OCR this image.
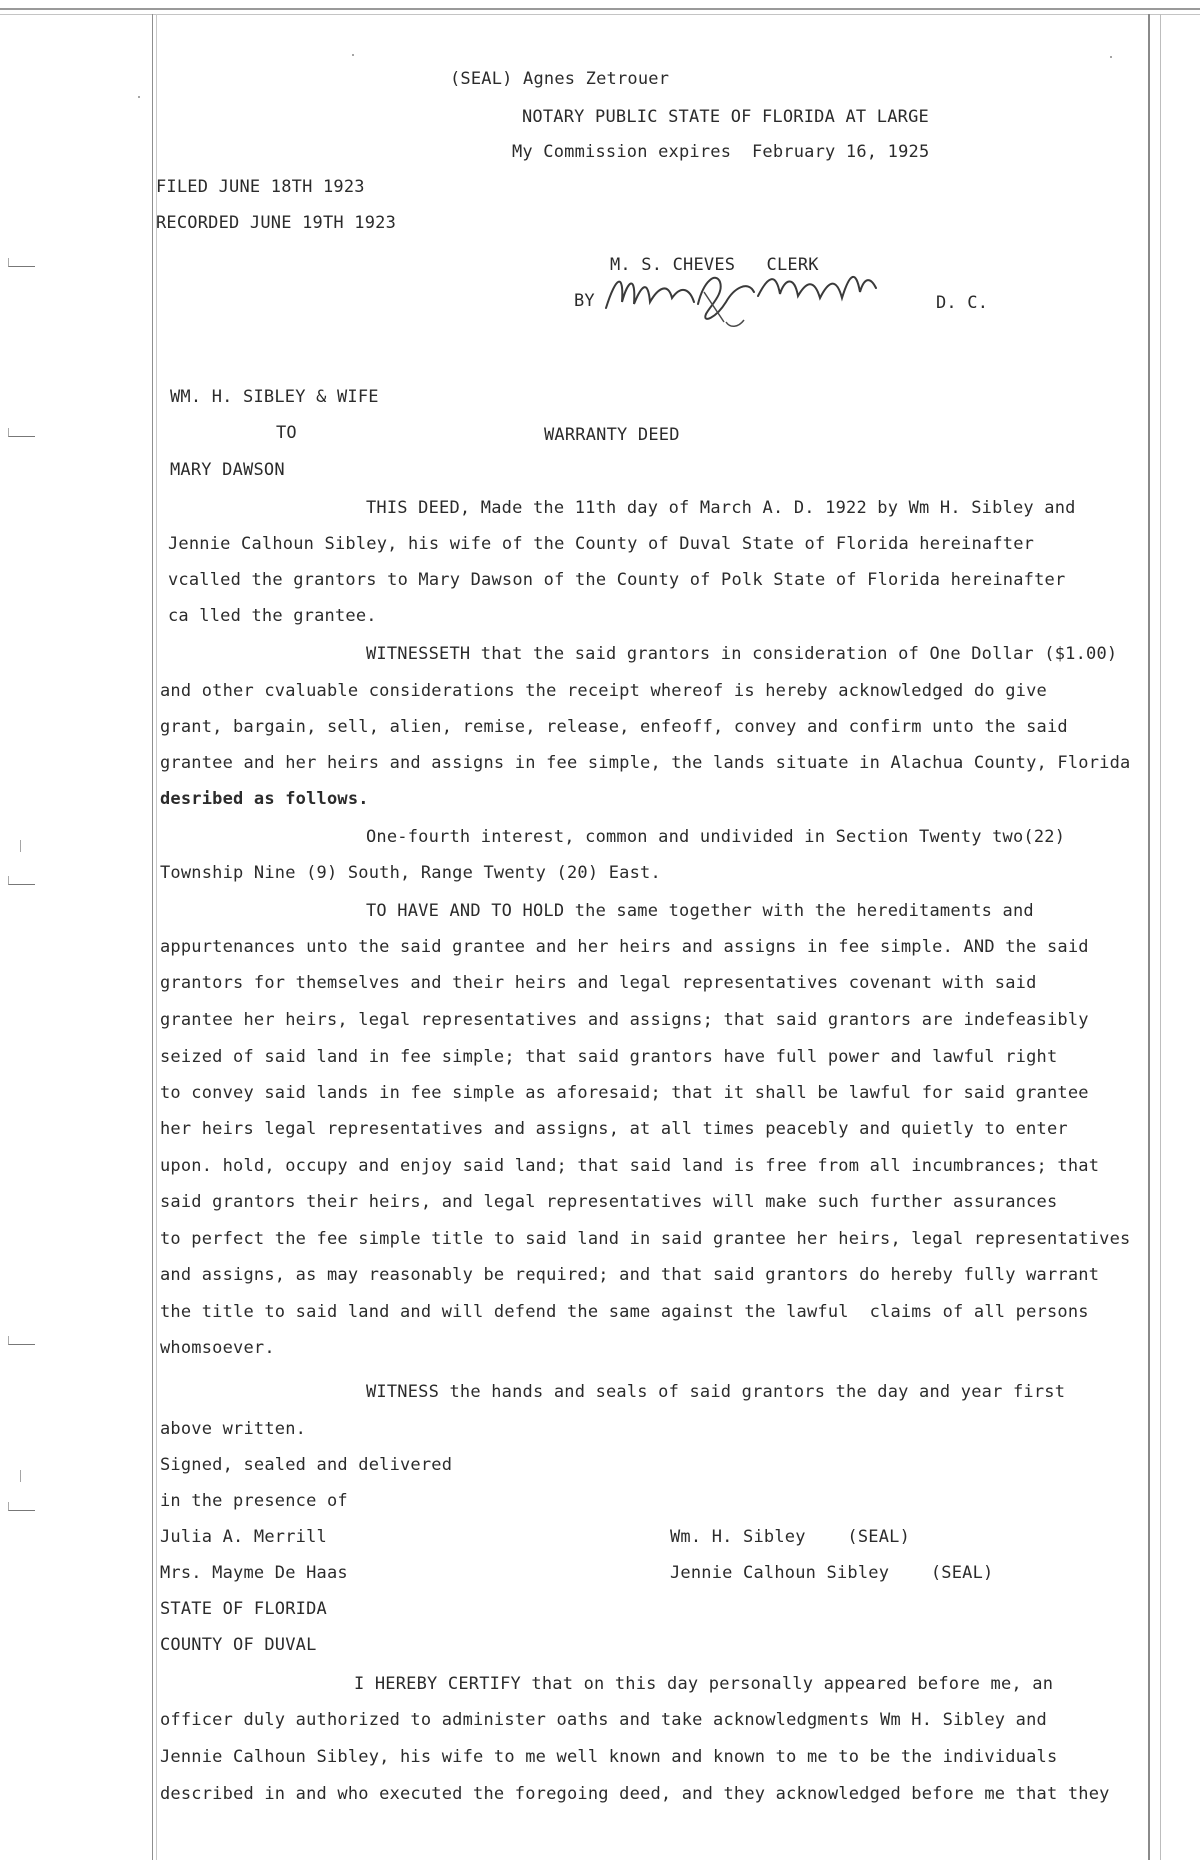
(SEAL) Agnes Zetrouer
NOTARY PUBLIC STATE OF FLORIDA AT LARGE
My Commission expires  February 16, 1925
FILED JUNE 18TH 1923
RECORDED JUNE 19TH 1923
M. S. CHEVES   CLERK
BY	D. C.
WM. H. SIBLEY & WIFE
TO	WARRANTY DEED
MARY DAWSON
THIS DEED, Made the 11th day of March A. D. 1922 by Wm H. Sibley and
Jennie Calhoun Sibley, his wife of the County of Duval State of Florida hereinafter
vcalled the grantors to Mary Dawson of the County of Polk State of Florida hereinafter
ca lled the grantee.
WITNESSETH that the said grantors in consideration of One Dollar ($1.00)
and other cvaluable considerations the receipt whereof is hereby acknowledged do give
grant, bargain, sell, alien, remise, release, enfeoff, convey and confirm unto the said
grantee and her heirs and assigns in fee simple, the lands situate in Alachua County, Florida
desribed as follows.
One-fourth interest, common and undivided in Section Twenty two(22)
Township Nine (9) South, Range Twenty (20) East.
TO HAVE AND TO HOLD the same together with the hereditaments and
appurtenances unto the said grantee and her heirs and assigns in fee simple. AND the said
grantors for themselves and their heirs and legal representatives covenant with said
grantee her heirs, legal representatives and assigns; that said grantors are indefeasibly
seized of said land in fee simple; that said grantors have full power and lawful right
to convey said lands in fee simple as aforesaid; that it shall be lawful for said grantee
her heirs legal representatives and assigns, at all times peacebly and quietly to enter
upon. hold, occupy and enjoy said land; that said land is free from all incumbrances; that
said grantors their heirs, and legal representatives will make such further assurances
to perfect the fee simple title to said land in said grantee her heirs, legal representatives
and assigns, as may reasonably be required; and that said grantors do hereby fully warrant
the title to said land and will defend the same against the lawful  claims of all persons
whomsoever.
WITNESS the hands and seals of said grantors the day and year first
above written.
Signed, sealed and delivered
in the presence of
Julia A. Merrill	Wm. H. Sibley    (SEAL)
Mrs. Mayme De Haas	Jennie Calhoun Sibley    (SEAL)
STATE OF FLORIDA
COUNTY OF DUVAL
I HEREBY CERTIFY that on this day personally appeared before me, an
officer duly authorized to administer oaths and take acknowledgments Wm H. Sibley and
Jennie Calhoun Sibley, his wife to me well known and known to me to be the individuals
described in and who executed the foregoing deed, and they acknowledged before me that they
